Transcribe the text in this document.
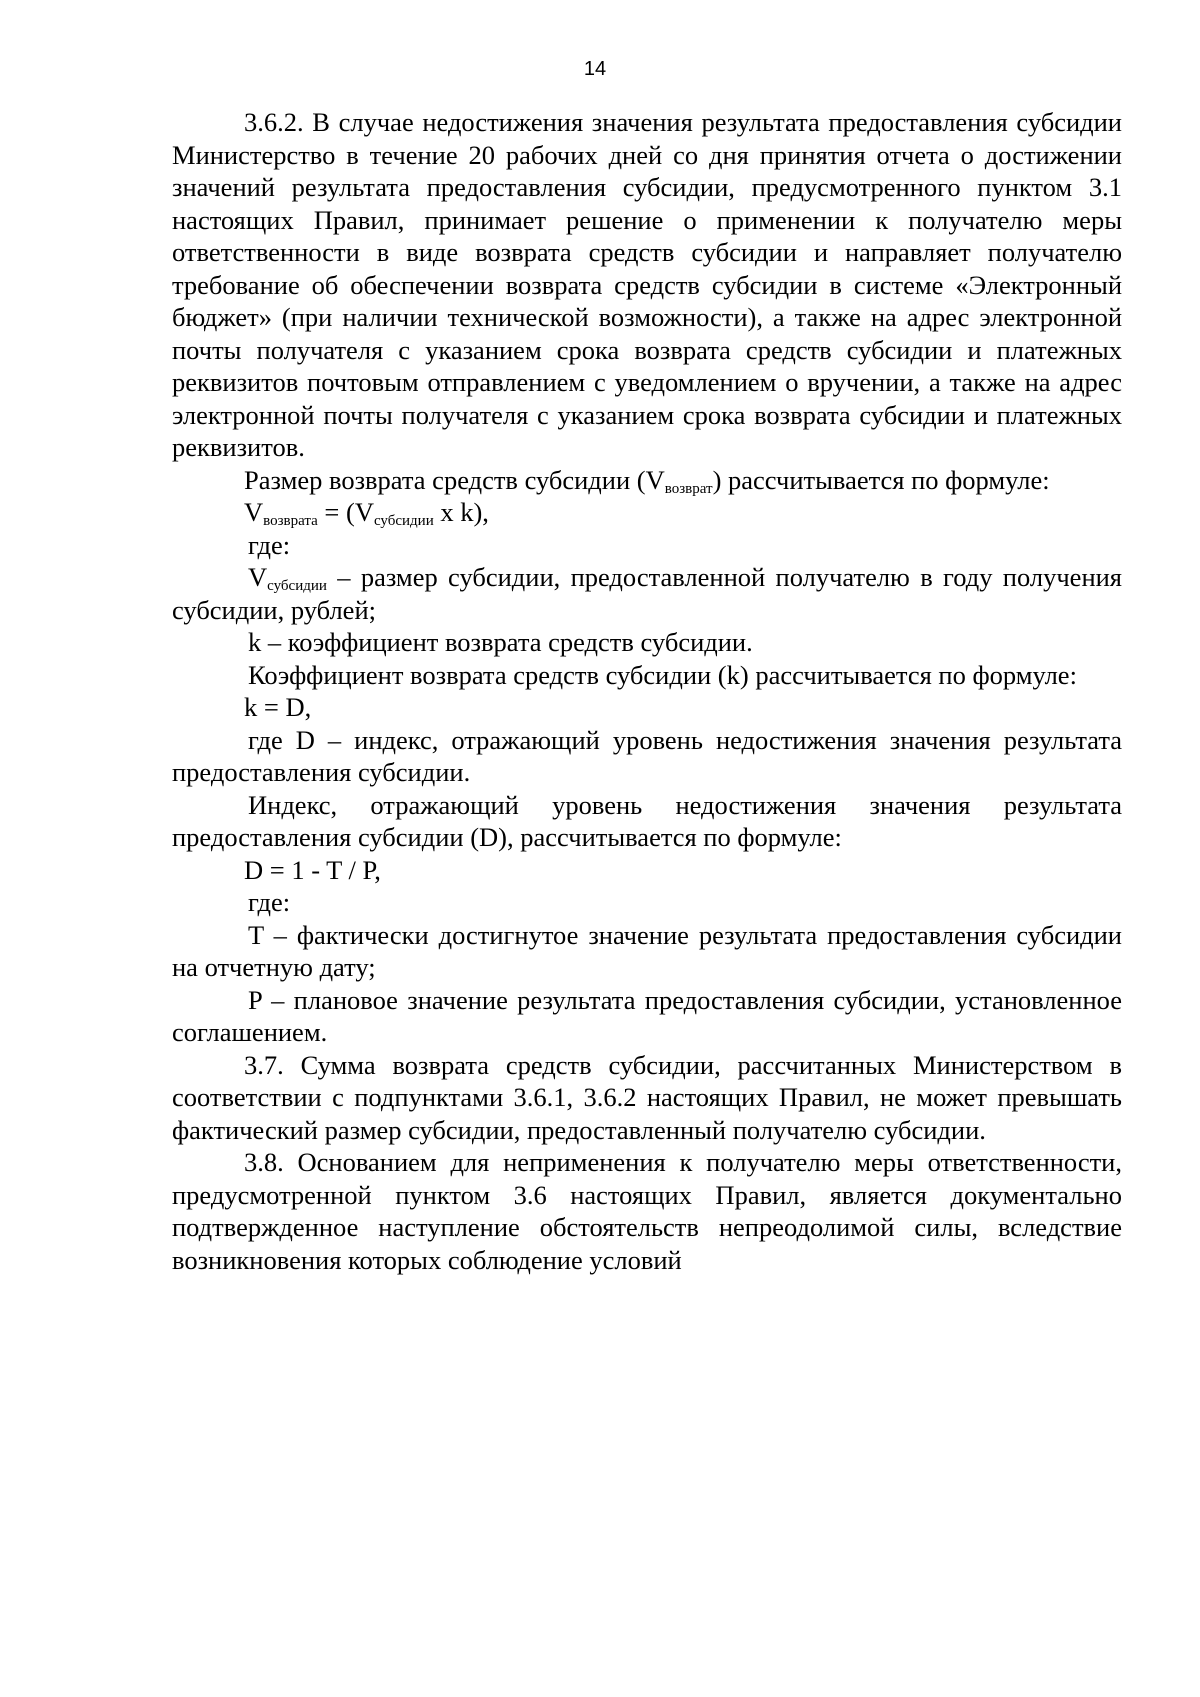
14

3.6.2. В случае недостижения значения результата предоставления субсидии Министерство в течение 20 рабочих дней со дня принятия отчета о достижении значений результата предоставления субсидии, предусмотренного пунктом 3.1 настоящих Правил, принимает решение о применении к получателю меры ответственности в виде возврата средств субсидии и направляет получателю требование об обеспечении возврата средств субсидии в системе «Электронный бюджет» (при наличии технической возможности), а также на адрес электронной почты получателя с указанием срока возврата средств субсидии и платежных реквизитов почтовым отправлением с уведомлением о вручении, а также на адрес электронной почты получателя с указанием срока возврата субсидии и платежных реквизитов.

Размер возврата средств субсидии $(V_{возврат})$ рассчитывается по формуле:

$V_{возврата} = (V_{субсидии}$ x k),

где:

$V_{субсидии}$ – размер субсидии, предоставленной получателю в году получения субсидии, рублей;

k – коэффициент возврата средств субсидии.

Коэффициент возврата средств субсидии (k) рассчитывается по формуле:

k = D,

где D – индекс, отражающий уровень недостижения значения результата предоставления субсидии.

Индекс, отражающий уровень недостижения значения результата предоставления субсидии (D), рассчитывается по формуле:

D = 1 - T / P,

где:

T – фактически достигнутое значение результата предоставления субсидии на отчетную дату;

P – плановое значение результата предоставления субсидии, установленное соглашением.

3.7. Сумма возврата средств субсидии, рассчитанных Министерством в соответствии с подпунктами 3.6.1, 3.6.2 настоящих Правил, не может превышать фактический размер субсидии, предоставленный получателю субсидии.

3.8. Основанием для неприменения к получателю меры ответственности, предусмотренной пунктом 3.6 настоящих Правил, является документально подтвержденное наступление обстоятельств непреодолимой силы, вследствие возникновения которых соблюдение условий
